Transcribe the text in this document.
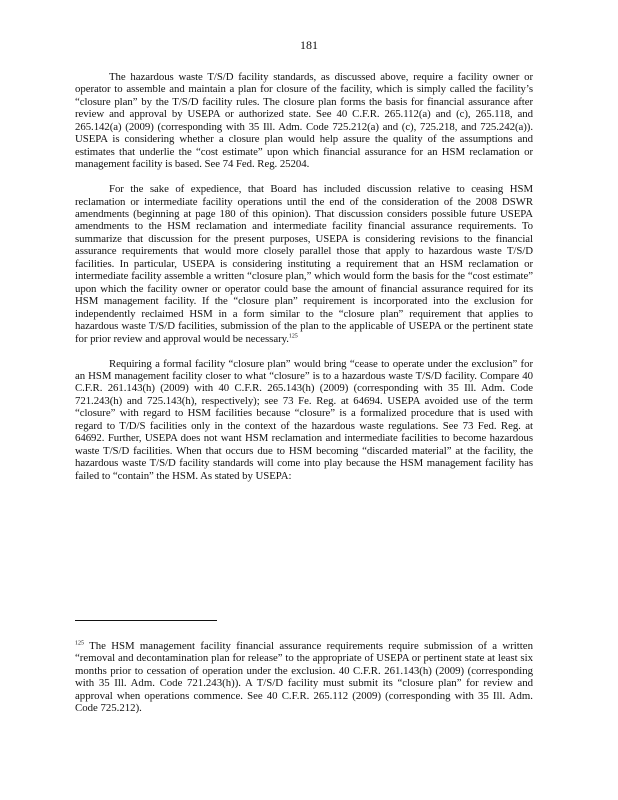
181

The hazardous waste T/S/D facility standards, as discussed above, require a facility owner or operator to assemble and maintain a plan for closure of the facility, which is simply called the facility’s “closure plan” by the T/S/D facility rules. The closure plan forms the basis for financial assurance after review and approval by USEPA or authorized state. See 40 C.F.R. 265.112(a) and (c), 265.118, and 265.142(a) (2009) (corresponding with 35 Ill. Adm. Code 725.212(a) and (c), 725.218, and 725.242(a)). USEPA is considering whether a closure plan would help assure the quality of the assumptions and estimates that underlie the “cost estimate” upon which financial assurance for an HSM reclamation or management facility is based. See 74 Fed. Reg. 25204.

For the sake of expedience, that Board has included discussion relative to ceasing HSM reclamation or intermediate facility operations until the end of the consideration of the 2008 DSWR amendments (beginning at page 180 of this opinion). That discussion considers possible future USEPA amendments to the HSM reclamation and intermediate facility financial assurance requirements. To summarize that discussion for the present purposes, USEPA is considering revisions to the financial assurance requirements that would more closely parallel those that apply to hazardous waste T/S/D facilities. In particular, USEPA is considering instituting a requirement that an HSM reclamation or intermediate facility assemble a written “closure plan,” which would form the basis for the “cost estimate” upon which the facility owner or operator could base the amount of financial assurance required for its HSM management facility. If the “closure plan” requirement is incorporated into the exclusion for independently reclaimed HSM in a form similar to the “closure plan” requirement that applies to hazardous waste T/S/D facilities, submission of the plan to the applicable of USEPA or the pertinent state for prior review and approval would be necessary.$^{125}$

Requiring a formal facility “closure plan” would bring “cease to operate under the exclusion” for an HSM management facility closer to what “closure” is to a hazardous waste T/S/D facility. Compare 40 C.F.R. 261.143(h) (2009) with 40 C.F.R. 265.143(h) (2009) (corresponding with 35 Ill. Adm. Code 721.243(h) and 725.143(h), respectively); see 73 Fe. Reg. at 64694. USEPA avoided use of the term “closure” with regard to HSM facilities because “closure” is a formalized procedure that is used with regard to T/D/S facilities only in the context of the hazardous waste regulations. See 73 Fed. Reg. at 64692. Further, USEPA does not want HSM reclamation and intermediate facilities to become hazardous waste T/S/D facilities. When that occurs due to HSM becoming “discarded material” at the facility, the hazardous waste T/S/D facility standards will come into play because the HSM management facility has failed to “contain” the HSM. As stated by USEPA:

$^{125}$ The HSM management facility financial assurance requirements require submission of a written “removal and decontamination plan for release” to the appropriate of USEPA or pertinent state at least six months prior to cessation of operation under the exclusion. 40 C.F.R. 261.143(h) (2009) (corresponding with 35 Ill. Adm. Code 721.243(h)). A T/S/D facility must submit its “closure plan” for review and approval when operations commence. See 40 C.F.R. 265.112 (2009) (corresponding with 35 Ill. Adm. Code 725.212).
